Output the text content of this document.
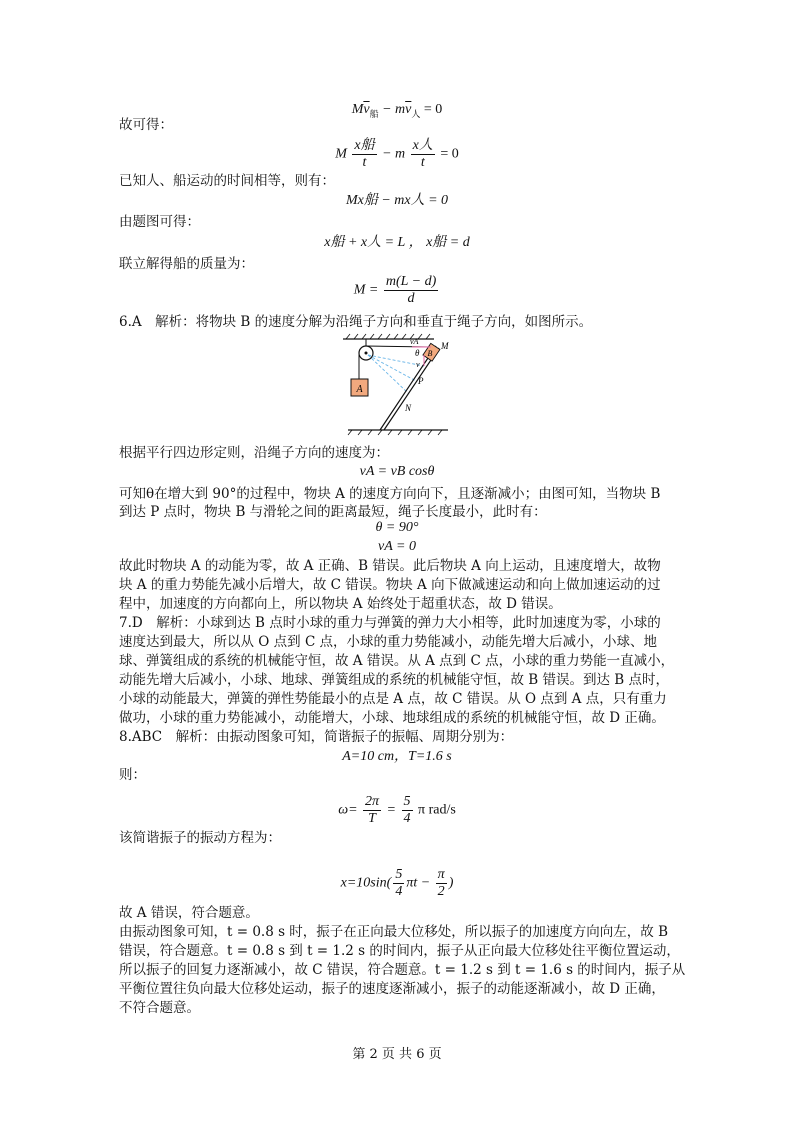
$M\overline{v}_船 - m\overline{v}_人 = 0$
故可得：
M $\frac{\text{x船}}{t} - m \frac{\text{x人}}{t} = 0$
已知人、船运动的时间相等，则有：
Mx船 − mx人 = 0
由题图可得：
x船 + x人 = L ， x船 = d
联立解得船的质量为：
$M = \frac{m(L - d)}{d}$
6.A　解析：将物块 B 的速度分解为沿绳子方向和垂直于绳子方向，如图所示。
A
B
vA
θ
M
v
P
N
根据平行四边形定则，沿绳子方向的速度为：
vA = vB cosθ
可知θ在增大到 90°的过程中，物块 A 的速度方向向下，且逐渐减小；由图可知，当物块 B
到达 P 点时，物块 B 与滑轮之间的距离最短，绳子长度最小，此时有：
θ = 90°
vA = 0
故此时物块 A 的动能为零，故 A 正确、B 错误。此后物块 A 向上运动，且速度增大，故物
块 A 的重力势能先减小后增大，故 C 错误。物块 A 向下做减速运动和向上做加速运动的过
程中，加速度的方向都向上，所以物块 A 始终处于超重状态，故 D 错误。
7.D　解析：小球到达 B 点时小球的重力与弹簧的弹力大小相等，此时加速度为零，小球的
速度达到最大，所以从 O 点到 C 点，小球的重力势能减小，动能先增大后减小，小球、地
球、弹簧组成的系统的机械能守恒，故 A 错误。从 A 点到 C 点，小球的重力势能一直减小，
动能先增大后减小，小球、地球、弹簧组成的系统的机械能守恒，故 B 错误。到达 B 点时，
小球的动能最大，弹簧的弹性势能最小的点是 A 点，故 C 错误。从 O 点到 A 点，只有重力
做功，小球的重力势能减小，动能增大，小球、地球组成的系统的机械能守恒，故 D 正确。
8.ABC　解析：由振动图象可知，简谐振子的振幅、周期分别为：
A=10 cm，T=1.6 s
则：
$\omega= \frac{2\pi}{T} = \frac{5}{4}$ π rad/s
该简谐振子的振动方程为：
$x=10\sin( \frac{5}{4}$ $\pi t - \frac{\pi}{2}$ )
故 A 错误，符合题意。
由振动图象可知，t = 0.8 s 时，振子在正向最大位移处，所以振子的加速度方向向左，故 B
错误，符合题意。t = 0.8 s 到 t = 1.2 s 的时间内，振子从正向最大位移处往平衡位置运动，
所以振子的回复力逐渐减小，故 C 错误，符合题意。t = 1.2 s 到 t = 1.6 s 的时间内，振子从
平衡位置往负向最大位移处运动，振子的速度逐渐减小，振子的动能逐渐减小，故 D 正确，
不符合题意。
第 2 页 共 6 页
